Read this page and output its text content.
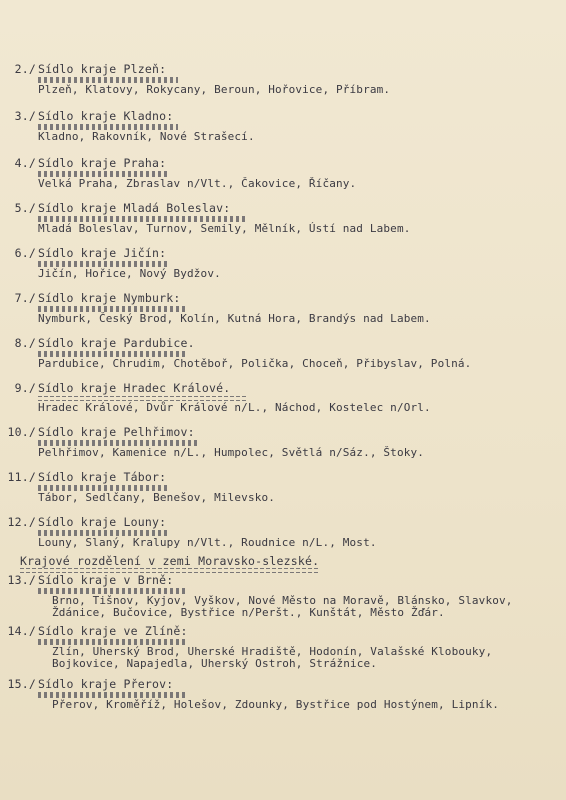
2./ Sídlo kraje Plzeň:
Plzeň, Klatovy, Rokycany, Beroun, Hořovice, Příbram.
3./ Sídlo kraje Kladno:
Kladno, Rakovník, Nové Strašecí.
4./ Sídlo kraje Praha:
Velká Praha, Zbraslav n/Vlt., Čakovice, Říčany.
5./ Sídlo kraje Mladá Boleslav:
Mladá Boleslav, Turnov, Semily, Mělník, Ústí nad Labem.
6./ Sídlo kraje Jičín:
Jičín, Hořice, Nový Bydžov.
7./ Sídlo kraje Nymburk:
Nymburk, Český Brod, Kolín, Kutná Hora, Brandýs nad Labem.
8./ Sídlo kraje Pardubice.
Pardubice, Chrudim, Chotěboř, Polička, Choceň, Přibyslav, Polná.
9./ Sídlo kraje Hradec Králové.
Hradec Králové, Dvůr Králové n/L., Náchod, Kostelec n/Orl.
10./ Sídlo kraje Pelhřimov:
Pelhřimov, Kamenice n/L., Humpolec, Světlá n/Sáz., Štoky.
11./ Sídlo kraje Tábor:
Tábor, Sedlčany, Benešov, Milevsko.
12./ Sídlo kraje Louny:
Louny, Slaný, Kralupy n/Vlt., Roudnice n/L., Most.
Krajové rozdělení v zemi Moravsko-slezské.
13./ Sídlo kraje v Brně:
Brno, Tišnov, Kyjov, Vyškov, Nové Město na Moravě, Blánsko, Slavkov,
Ždánice, Bučovice, Bystřice n/Peršt., Kunštát, Město Žďár.
14./ Sídlo kraje ve Zlíně:
Zlín, Uherský Brod, Uherské Hradiště, Hodonín, Valašské Klobouky,
Bojkovice, Napajedla, Uherský Ostroh, Strážnice.
15./ Sídlo kraje Přerov:
Přerov, Kroměříž, Holešov, Zdounky, Bystřice pod Hostýnem, Lipník.
